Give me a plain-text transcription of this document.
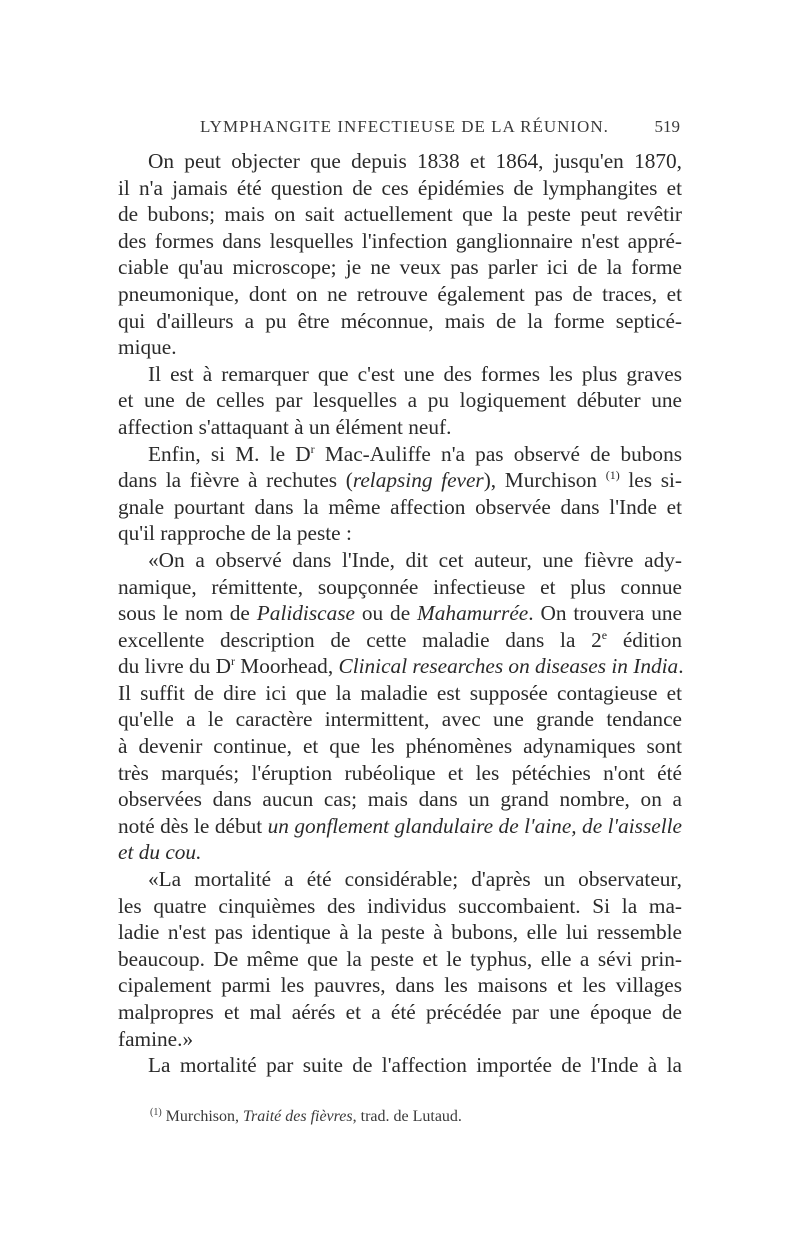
LYMPHANGITE INFECTIEUSE DE LA RÉUNION.	519
On peut objecter que depuis 1838 et 1864, jusqu'en 1870,
il n'a jamais été question de ces épidémies de lymphangites et
de bubons; mais on sait actuellement que la peste peut revêtir
des formes dans lesquelles l'infection ganglionnaire n'est appré-
ciable qu'au microscope; je ne veux pas parler ici de la forme
pneumonique, dont on ne retrouve également pas de traces, et
qui d'ailleurs a pu être méconnue, mais de la forme septicé-
mique.
Il est à remarquer que c'est une des formes les plus graves
et une de celles par lesquelles a pu logiquement débuter une
affection s'attaquant à un élément neuf.
Enfin, si M. le $D^r$ Mac-Auliffe n'a pas observé de bubons
dans la fièvre à rechutes (relapsing fever), Murchison $^{(1)}$ les si-
gnale pourtant dans la même affection observée dans l'Inde et
qu'il rapproche de la peste :
«On a observé dans l'Inde, dit cet auteur, une fièvre ady-
namique, rémittente, soupçonnée infectieuse et plus connue
sous le nom de Palidiscase ou de Mahamurrée. On trouvera une
excellente description de cette maladie dans la 2e édition
du livre du $D^r$ Moorhead, Clinical researches on diseases in India.
Il suffit de dire ici que la maladie est supposée contagieuse et
qu'elle a le caractère intermittent, avec une grande tendance
à devenir continue, et que les phénomènes adynamiques sont
très marqués; l'éruption rubéolique et les pétéchies n'ont été
observées dans aucun cas; mais dans un grand nombre, on a
noté dès le début un gonflement glandulaire de l'aine, de l'aisselle
et du cou.
«La mortalité a été considérable; d'après un observateur,
les quatre cinquièmes des individus succombaient. Si la ma-
ladie n'est pas identique à la peste à bubons, elle lui ressemble
beaucoup. De même que la peste et le typhus, elle a sévi prin-
cipalement parmi les pauvres, dans les maisons et les villages
malpropres et mal aérés et a été précédée par une époque de
famine.»
La mortalité par suite de l'affection importée de l'Inde à la
$^{(1)}$ Murchison, Traité des fièvres, trad. de Lutaud.
